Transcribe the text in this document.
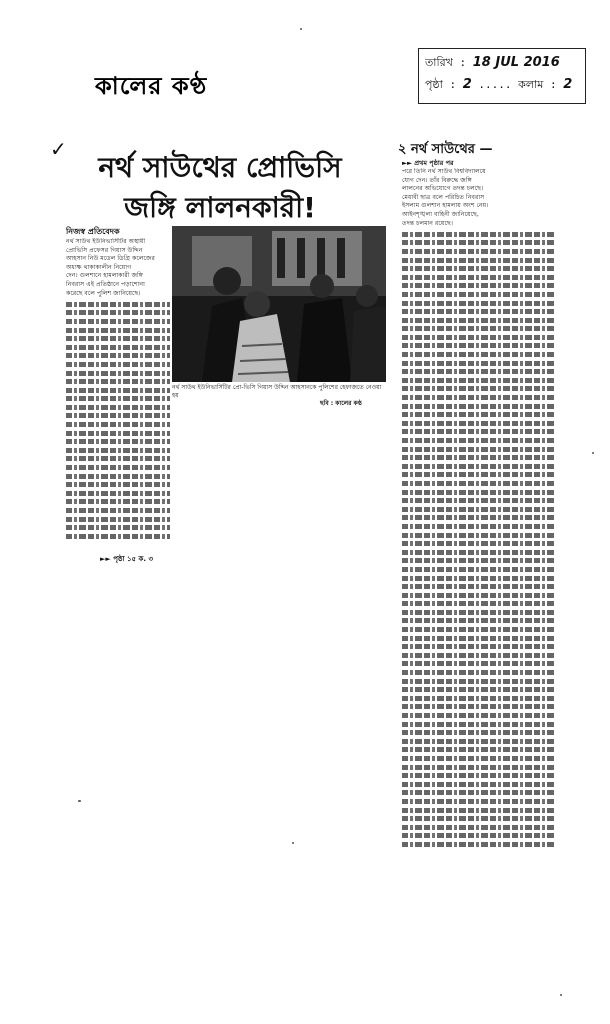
কালের কণ্ঠ
তারিখ : 18 JUL 2016
পৃষ্ঠা : 2 ..... কলাম : 2
✓
নর্থ সাউথের প্রোভিসি
জঙ্গি লালনকারী!
নিজস্ব প্রতিবেদক
নর্থ সাউথ ইউনিভার্সিটির অস্থায়ী
প্রোভিসি প্রফেসর গিয়াস উদ্দিন
আহসান নিউ মডেল ডিগ্রি কলেজের
অধ্যক্ষ থাকাকালীন নিয়োগ
দেন। গুলশানে হামলাকারী জঙ্গি
নিবরাস এই প্রতিষ্ঠানে পড়াশোনা
করেছে বলে পুলিশ জানিয়েছে।
►► পৃষ্ঠা ১৫ ক. ৩
নর্থ সাউথ ইউনিভার্সিটির প্রো-ভিসি গিয়াস উদ্দিন আহসানকে পুলিশের হেফাজতে নেওয়া হয়
ছবি : কালের কণ্ঠ
২ নর্থ সাউথের —
►► প্রথম পৃষ্ঠার পর
পরে তিনি নর্থ সাউথ বিশ্ববিদ্যালয়ে
যোগ দেন। তাঁর বিরুদ্ধে জঙ্গি
লালনের অভিযোগে তদন্ত চলছে।
মেধাবী ছাত্র বলে পরিচিত নিবরাস
ইসলাম গুলশান হামলায় অংশ নেয়।
আইনশৃঙ্খলা বাহিনী জানিয়েছে,
তদন্ত চলমান রয়েছে।
